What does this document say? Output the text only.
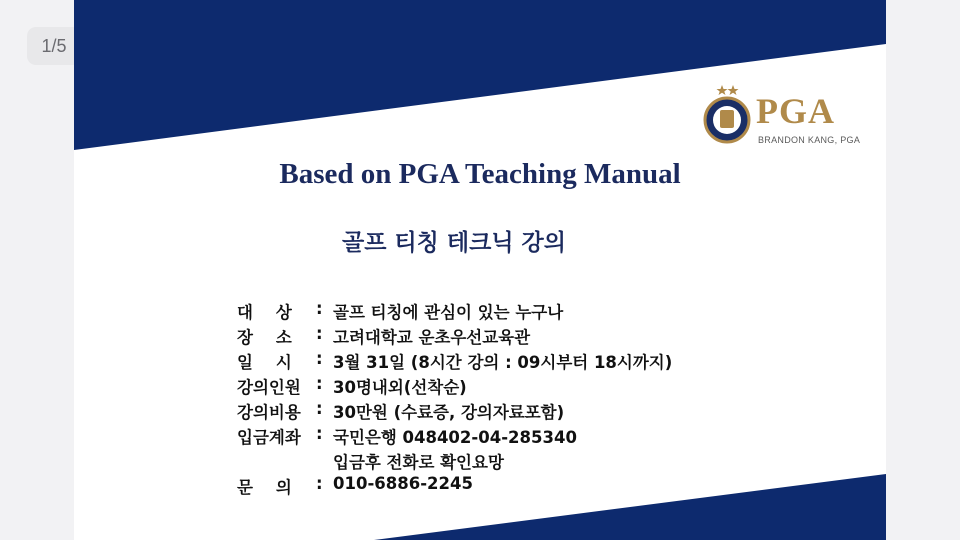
1/5
PGA
BRANDON KANG, PGA
Based on PGA Teaching Manual
골프 티칭 테크닉 강의
대    상 : 골프 티칭에 관심이 있는 누구나
장    소 : 고려대학교 운초우선교육관
일    시 : 3월 31일 (8시간 강의 : 09시부터 18시까지)
강의인원 : 30명내외(선착순)
강의비용 : 30만원 (수료증, 강의자료포함)
입금계좌 : 국민은행 048402-04-285340
입금후 전화로 확인요망
문    의 : 010-6886-2245
